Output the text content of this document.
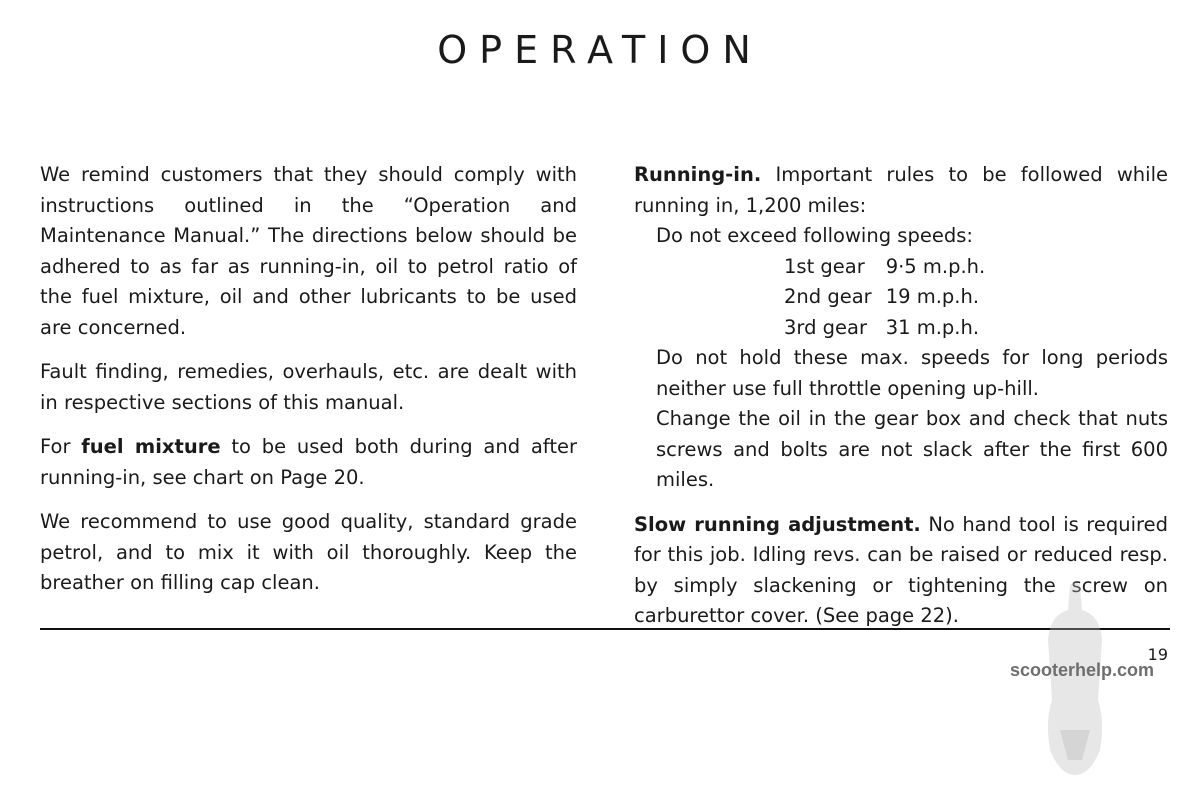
OPERATION

We remind customers that they should comply with instructions outlined in the “Operation and Maintenance Manual.” The directions below should be adhered to as far as running-in, oil to petrol ratio of the fuel mixture, oil and other lubricants to be used are concerned.

Fault finding, remedies, overhauls, etc. are dealt with in respective sections of this manual.

For fuel mixture to be used both during and after running-in, see chart on Page 20.

We recommend to use good quality, standard grade petrol, and to mix it with oil thoroughly. Keep the breather on filling cap clean.

Running-in. Important rules to be followed while running in, 1,200 miles:

Do not exceed following speeds:
1st gear	9·5 m.p.h.
2nd gear	19 m.p.h.
3rd gear	31 m.p.h.
Do not hold these max. speeds for long periods neither use full throttle opening up-hill.
Change the oil in the gear box and check that nuts screws and bolts are not slack after the first 600 miles.

Slow running adjustment. No hand tool is required for this job. Idling revs. can be raised or reduced resp. by simply slackening or tightening the screw on carburettor cover. (See page 22).

19
scooterhelp.com
